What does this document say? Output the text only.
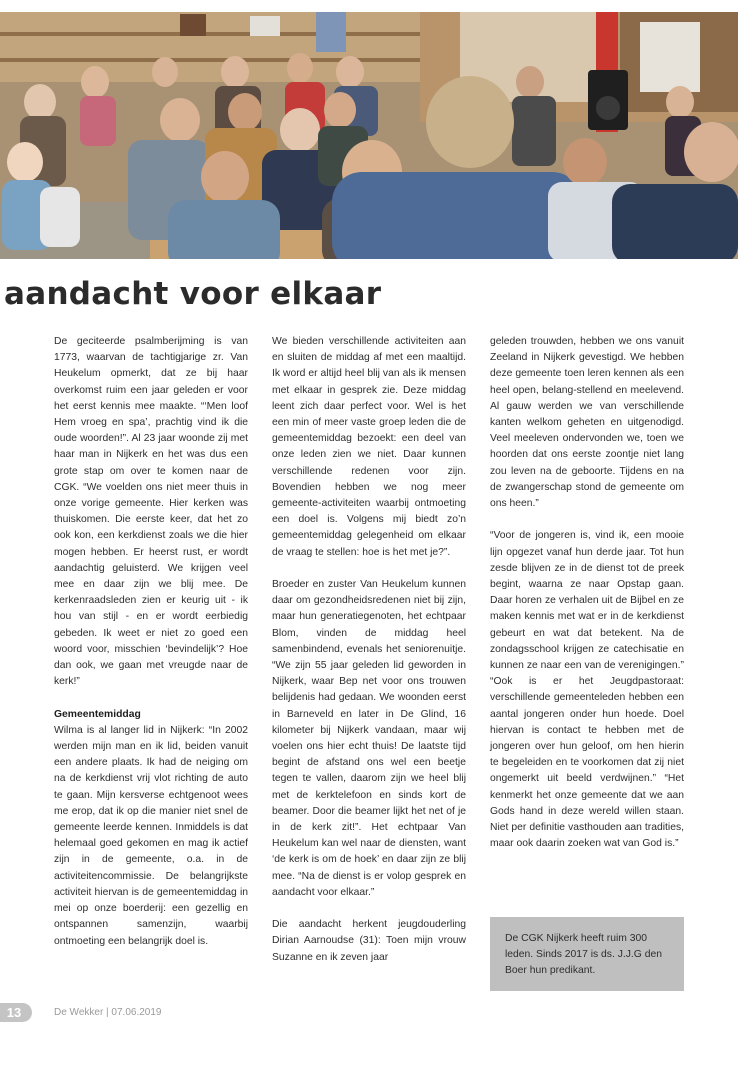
aandacht voor elkaar

De geciteerde psalmberijming is van 1773, waarvan de tachtigjarige zr. Van Heukelum opmerkt, dat ze bij haar overkomst ruim een jaar geleden er voor het eerst kennis mee maakte. “‘Men loof Hem vroeg en spa’, prachtig vind ik die oude woorden!”. Al 23 jaar woonde zij met haar man in Nijkerk en het was dus een grote stap om over te komen naar de CGK. “We voelden ons niet meer thuis in onze vorige gemeente. Hier kerken was thuiskomen. Die eerste keer, dat het zo ook kon, een kerkdienst zoals we die hier mogen hebben. Er heerst rust, er wordt aandachtig geluisterd. We krijgen veel mee en daar zijn we blij mee. De kerkenraadsleden zien er keurig uit - ik hou van stijl - en er wordt eerbiedig gebeden. Ik weet er niet zo goed een woord voor, misschien ‘bevindelijk’? Hoe dan ook, we gaan met vreugde naar de kerk!”

Gemeentemiddag

Wilma is al langer lid in Nijkerk: “In 2002 werden mijn man en ik lid, beiden vanuit een andere plaats. Ik had de neiging om na de kerkdienst vrij vlot richting de auto te gaan. Mijn kersverse echtgenoot wees me erop, dat ik op die manier niet snel de gemeente leerde kennen. Inmiddels is dat helemaal goed gekomen en mag ik actief zijn in de gemeente, o.a. in de activiteitencommissie. De belangrijkste activiteit hiervan is de gemeentemiddag in mei op onze boerderij: een gezellig en ontspannen samenzijn, waarbij ontmoeting een belangrijk doel is.

We bieden verschillende activiteiten aan en sluiten de middag af met een maaltijd. Ik word er altijd heel blij van als ik mensen met elkaar in gesprek zie. Deze middag leent zich daar perfect voor. Wel is het een min of meer vaste groep leden die de gemeentemiddag bezoekt: een deel van onze leden zien we niet. Daar kunnen verschillende redenen voor zijn. Bovendien hebben we nog meer gemeente-activiteiten waarbij ontmoeting een doel is. Volgens mij biedt zo’n gemeentemiddag gelegenheid om elkaar de vraag te stellen: hoe is het met je?”.

Broeder en zuster Van Heukelum kunnen daar om gezondheidsredenen niet bij zijn, maar hun generatiegenoten, het echtpaar Blom, vinden de middag heel samenbindend, evenals het seniorenuitje. “We zijn 55 jaar geleden lid geworden in Nijkerk, waar Bep net voor ons trouwen belijdenis had gedaan. We woonden eerst in Barneveld en later in De Glind, 16 kilometer bij Nijkerk vandaan, maar wij voelen ons hier echt thuis! De laatste tijd begint de afstand ons wel een beetje tegen te vallen, daarom zijn we heel blij met de kerktelefoon en sinds kort de beamer. Door die beamer lijkt het net of je in de kerk zit!”. Het echtpaar Van Heukelum kan wel naar de diensten, want ‘de kerk is om de hoek’ en daar zijn ze blij mee. “Na de dienst is er volop gesprek en aandacht voor elkaar.”

Die aandacht herkent jeugdouderling Dirian Aarnoudse (31): Toen mijn vrouw Suzanne en ik zeven jaar

geleden trouwden, hebben we ons vanuit Zeeland in Nijkerk gevestigd. We hebben deze gemeente toen leren kennen als een heel open, belang-stellend en meelevend. Al gauw werden we van verschillende kanten welkom geheten en uitgenodigd. Veel meeleven ondervonden we, toen we hoorden dat ons eerste zoontje niet lang zou leven na de geboorte. Tijdens en na de zwangerschap stond de gemeente om ons heen.”

“Voor de jongeren is, vind ik, een mooie lijn opgezet vanaf hun derde jaar. Tot hun zesde blijven ze in de dienst tot de preek begint, waarna ze naar Opstap gaan. Daar horen ze verhalen uit de Bijbel en ze maken kennis met wat er in de kerkdienst gebeurt en wat dat betekent. Na de zondagsschool krijgen ze catechisatie en kunnen ze naar een van de verenigingen.” “Ook is er het Jeugdpastoraat: verschillende gemeenteleden hebben een aantal jongeren onder hun hoede. Doel hiervan is contact te hebben met de jongeren over hun geloof, om hen hierin te begeleiden en te voorkomen dat zij niet ongemerkt uit beeld verdwijnen.” “Het kenmerkt het onze gemeente dat we aan Gods hand in deze wereld willen staan. Niet per definitie vasthouden aan tradities, maar ook daarin zoeken wat van God is.”

De CGK Nijkerk heeft ruim 300 leden. Sinds 2017 is ds. J.J.G den Boer hun predikant.
13	De Wekker | 07.06.2019
